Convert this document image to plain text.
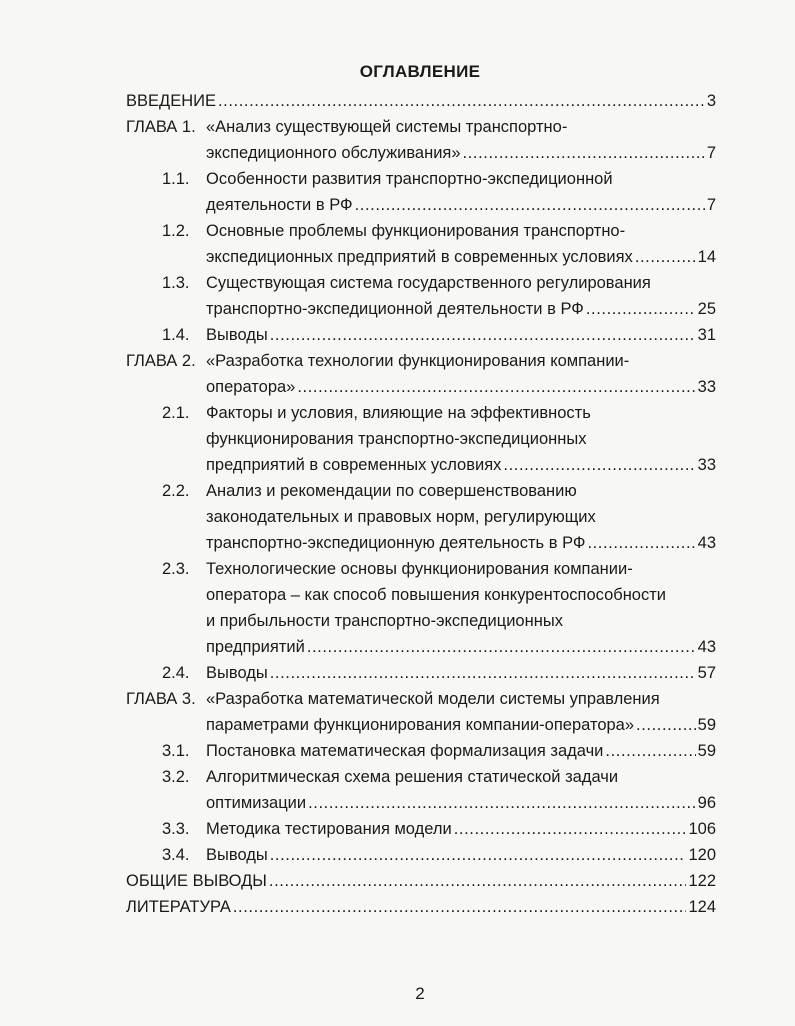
ОГЛАВЛЕНИЕ
ВВЕДЕНИЕ .....	3
ГЛАВА 1. «Анализ существующей системы транспортно-
экспедиционного обслуживания» .....	7
1.1. Особенности развития транспортно-экспедиционной
деятельности в РФ .....	7
1.2. Основные проблемы функционирования транспортно-
экспедиционных предприятий в современных условиях .....	14
1.3. Существующая система государственного регулирования
транспортно-экспедиционной деятельности в РФ .....	25
1.4. Выводы .....	31
ГЛАВА 2. «Разработка технологии функционирования компании-
оператора» .....	33
2.1. Факторы и условия, влияющие на эффективность
функционирования транспортно-экспедиционных
предприятий в современных условиях .....	33
2.2. Анализ и рекомендации по совершенствованию
законодательных и правовых норм, регулирующих
транспортно-экспедиционную деятельность в РФ .....	43
2.3. Технологические основы функционирования компании-
оператора – как способ повышения конкурентоспособности
и прибыльности транспортно-экспедиционных
предприятий .....	43
2.4. Выводы .....	57
ГЛАВА 3. «Разработка математической модели системы управления
параметрами функционирования компании-оператора» .....	59
3.1. Постановка математическая формализация задачи .....	59
3.2. Алгоритмическая схема решения статической задачи
оптимизации .....	96
3.3. Методика тестирования модели .....	106
3.4. Выводы .....	120
ОБЩИЕ ВЫВОДЫ .....	122
ЛИТЕРАТУРА .....	124
2
